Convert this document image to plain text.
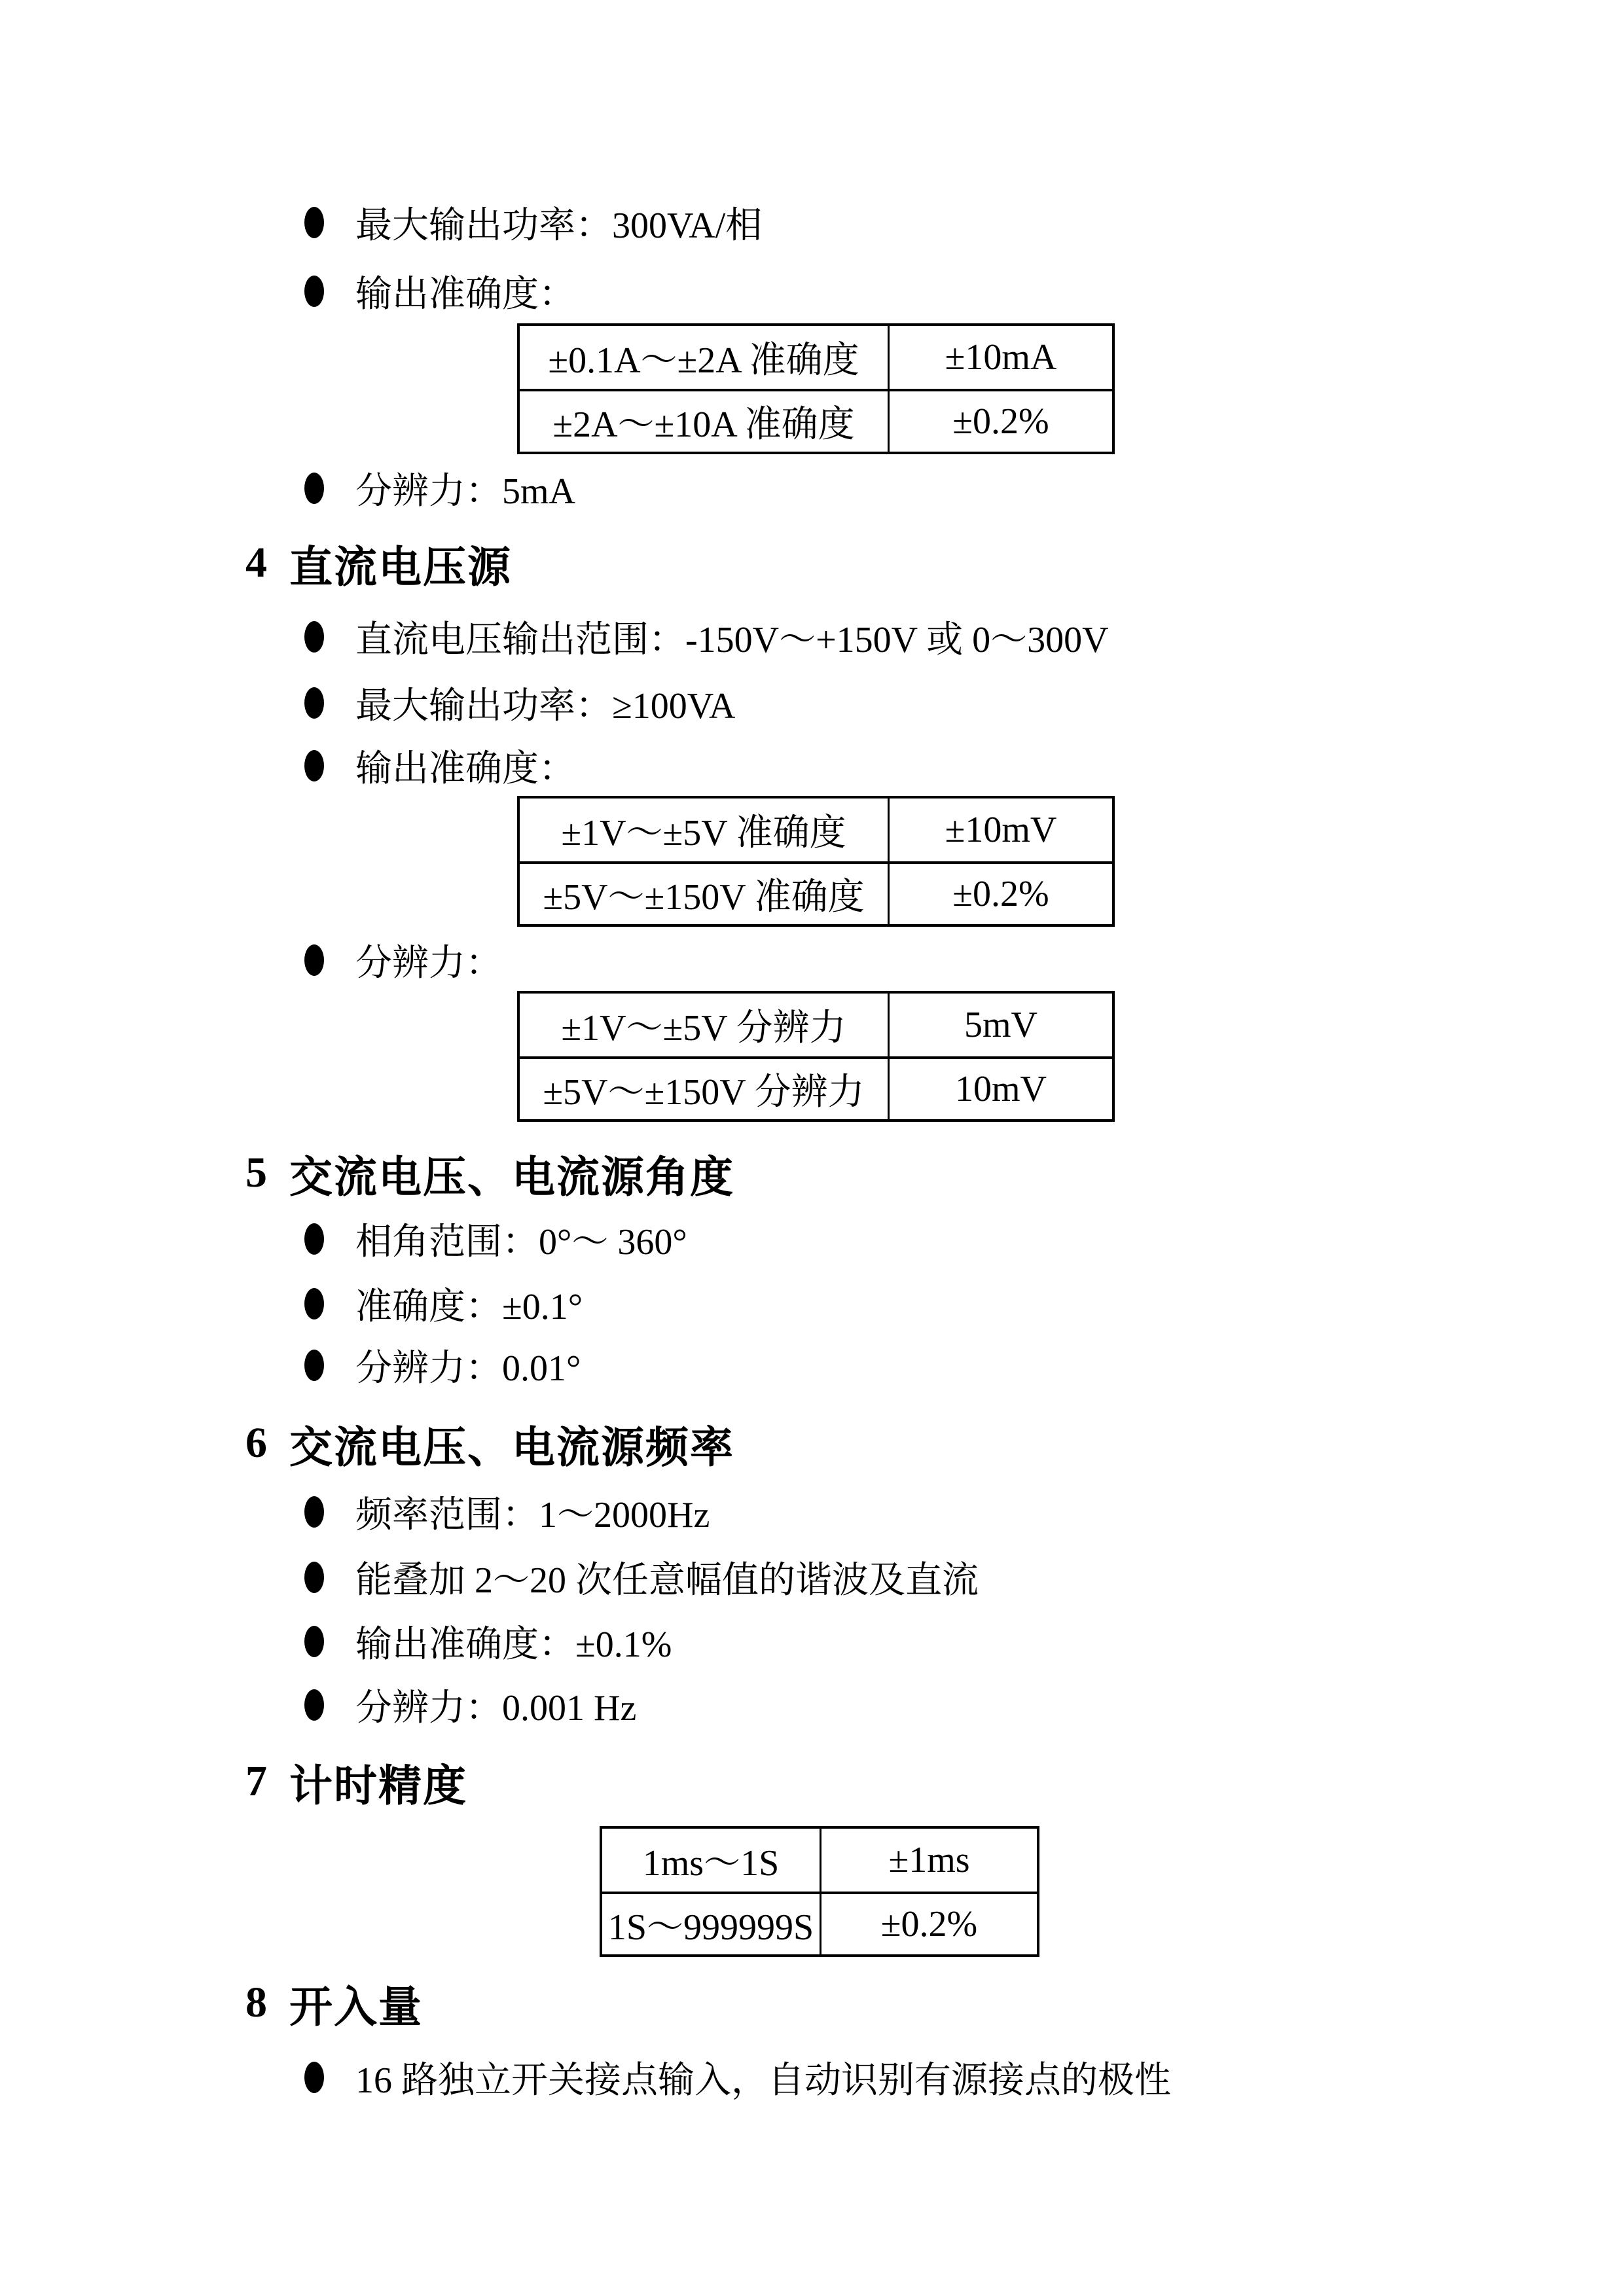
最大输出功率：300VA/相
输出准确度：
±0.1A～±2A 准确度	±10mA
±2A～±10A 准确度	±0.2%
分辨力：5mA
4 直流电压源
直流电压输出范围：-150V～+150V 或 0～300V
最大输出功率：≥100VA
输出准确度：
±1V～±5V 准确度	±10mV
±5V～±150V 准确度	±0.2%
分辨力：
±1V～±5V 分辨力	5mV
±5V～±150V 分辨力	10mV
5 交流电压、电流源角度
相角范围：0°～ 360°
准确度：±0.1°
分辨力：0.01°
6 交流电压、电流源频率
频率范围：1～2000Hz
能叠加 2～20 次任意幅值的谐波及直流
输出准确度：±0.1%
分辨力：0.001 Hz
7 计时精度
1ms～1S	±1ms
1S～999999S	±0.2%
8 开入量
16 路独立开关接点输入，自动识别有源接点的极性
